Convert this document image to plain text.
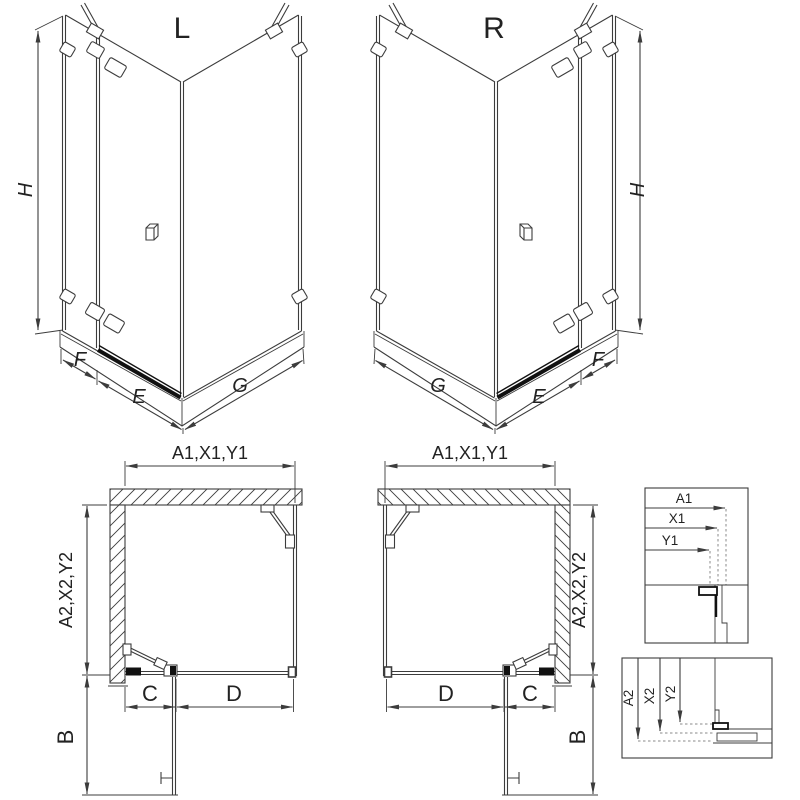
L
H
F
E	G
R
H
F
E
G
A1,X1,Y1
A2,X2,Y2
C	D
B
A1,X1,Y1
A2,X2,Y2
C
D
B
A1
X1
Y1
A2 X2 Y2
